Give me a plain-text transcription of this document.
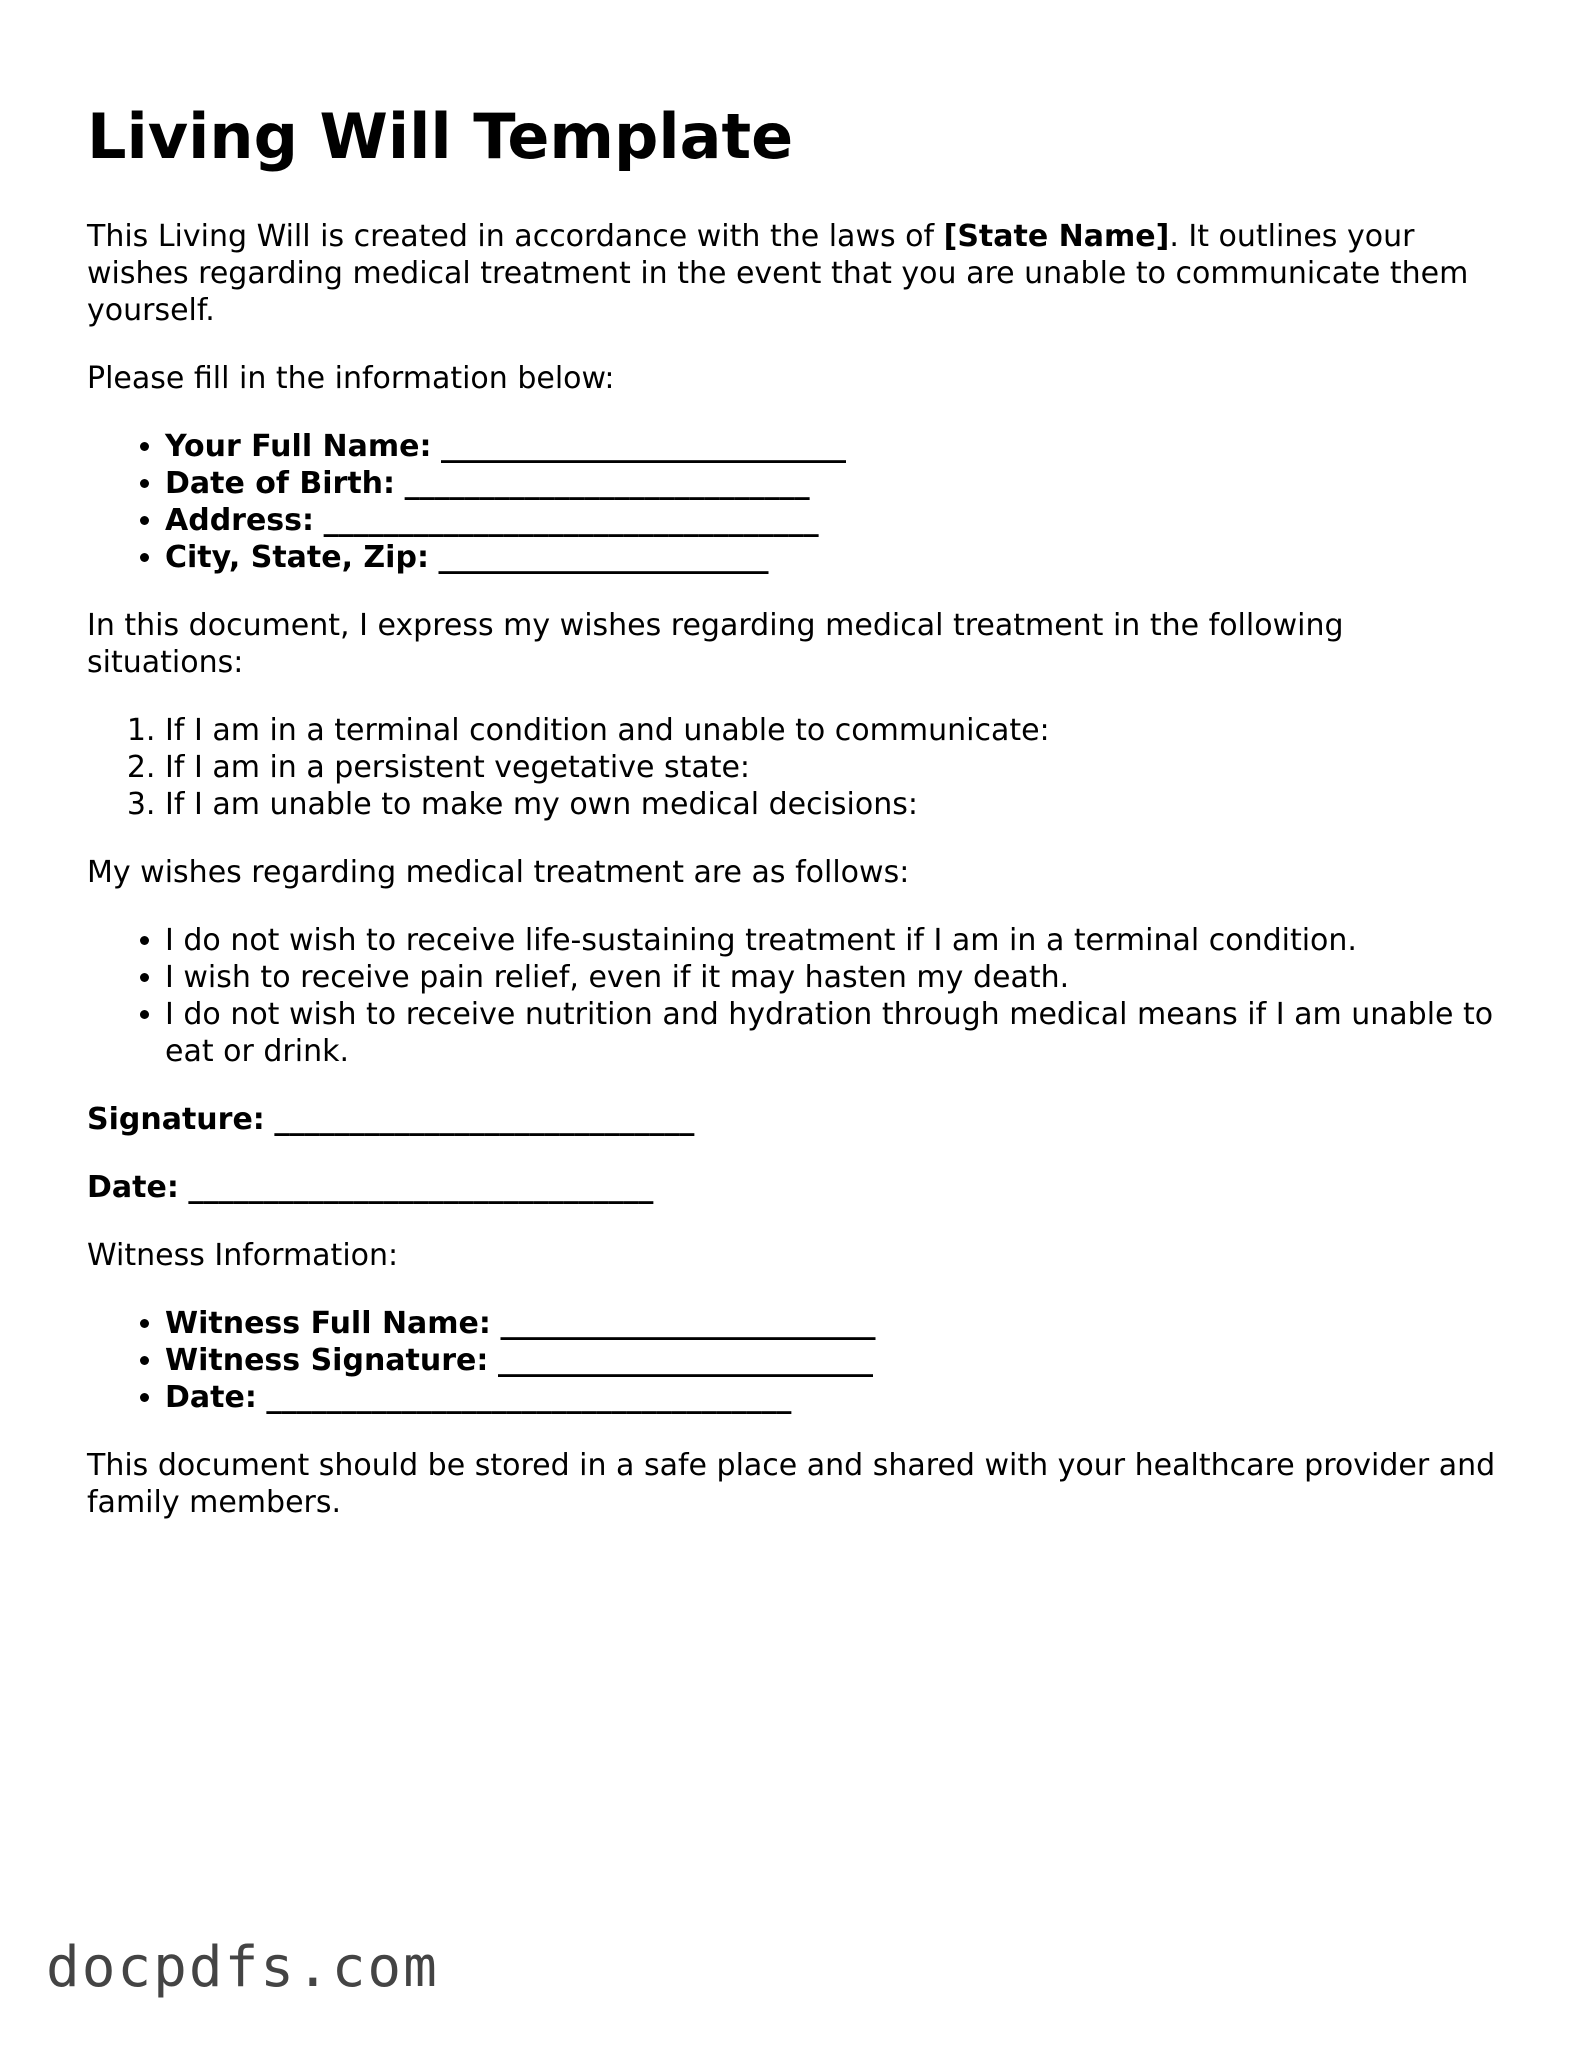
Living Will Template

This Living Will is created in accordance with the laws of [State Name]. It outlines your wishes regarding medical treatment in the event that you are unable to communicate them yourself.

Please fill in the information below:

• Your Full Name: ___________________________
• Date of Birth: ___________________________
• Address: _________________________________
• City, State, Zip: ______________________

In this document, I express my wishes regarding medical treatment in the following situations:

1. If I am in a terminal condition and unable to communicate:
2. If I am in a persistent vegetative state:
3. If I am unable to make my own medical decisions:

My wishes regarding medical treatment are as follows:

• I do not wish to receive life-sustaining treatment if I am in a terminal condition.
• I wish to receive pain relief, even if it may hasten my death.
• I do not wish to receive nutrition and hydration through medical means if I am unable to eat or drink.

Signature: ____________________________

Date: _______________________________

Witness Information:

• Witness Full Name: _________________________
• Witness Signature: _________________________
• Date: ___________________________________

This document should be stored in a safe place and shared with your healthcare provider and family members.

docpdfs.com
